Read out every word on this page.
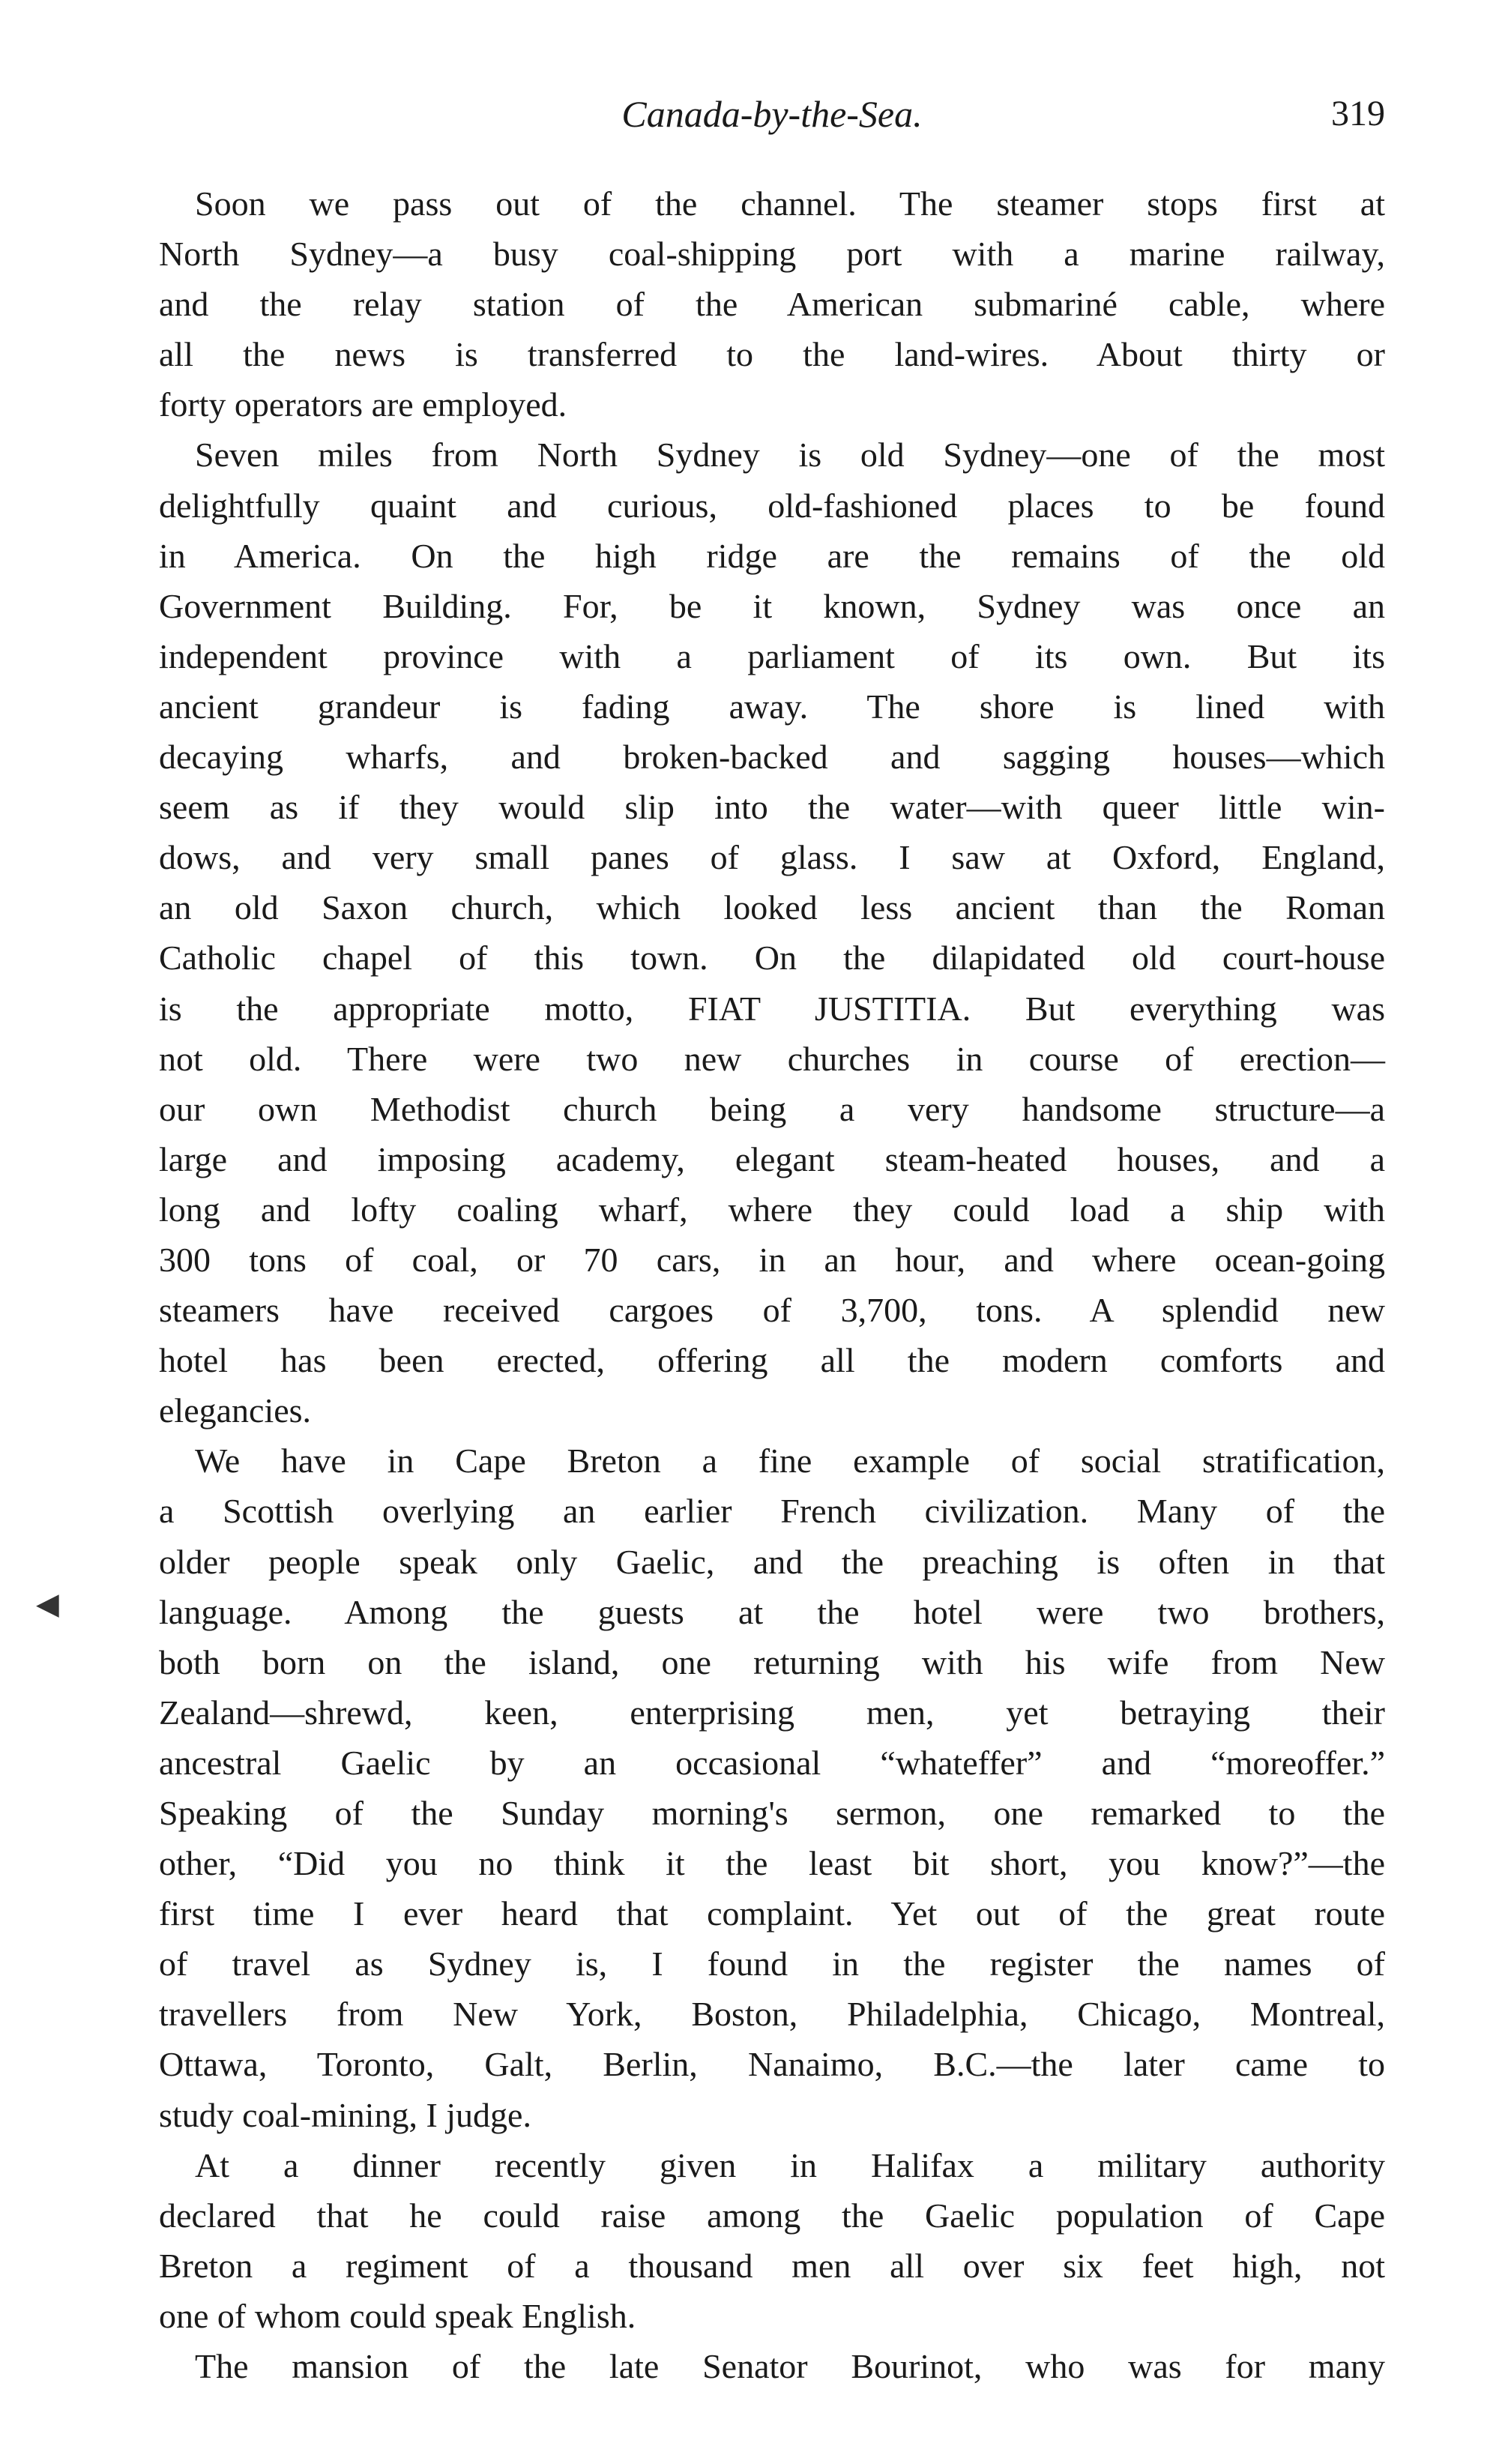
Canada-by-the-Sea.	319
◀
Soon we pass out of the channel. The steamer stops first at
North Sydney—a busy coal-shipping port with a marine railway,
and the relay station of the American submariné cable, where
all the news is transferred to the land-wires. About thirty or
forty operators are employed.
Seven miles from North Sydney is old Sydney—one of the most
delightfully quaint and curious, old-fashioned places to be found
in America. On the high ridge are the remains of the old
Government Building. For, be it known, Sydney was once an
independent province with a parliament of its own. But its
ancient grandeur is fading away. The shore is lined with
decaying wharfs, and broken-backed and sagging houses—which
seem as if they would slip into the water—with queer little win-
dows, and very small panes of glass. I saw at Oxford, England,
an old Saxon church, which looked less ancient than the Roman
Catholic chapel of this town. On the dilapidated old court-house
is the appropriate motto, FIAT JUSTITIA. But everything was
not old. There were two new churches in course of erection—
our own Methodist church being a very handsome structure—a
large and imposing academy, elegant steam-heated houses, and a
long and lofty coaling wharf, where they could load a ship with
300 tons of coal, or 70 cars, in an hour, and where ocean-going
steamers have received cargoes of 3,700, tons. A splendid new
hotel has been erected, offering all the modern comforts and
elegancies.
We have in Cape Breton a fine example of social stratification,
a Scottish overlying an earlier French civilization. Many of the
older people speak only Gaelic, and the preaching is often in that
language. Among the guests at the hotel were two brothers,
both born on the island, one returning with his wife from New
Zealand—shrewd, keen, enterprising men, yet betraying their
ancestral Gaelic by an occasional “whateffer” and “moreoffer.”
Speaking of the Sunday morning's sermon, one remarked to the
other, “Did you no think it the least bit short, you know?”—the
first time I ever heard that complaint. Yet out of the great route
of travel as Sydney is, I found in the register the names of
travellers from New York, Boston, Philadelphia, Chicago, Montreal,
Ottawa, Toronto, Galt, Berlin, Nanaimo, B.C.—the later came to
study coal-mining, I judge.
At a dinner recently given in Halifax a military authority
declared that he could raise among the Gaelic population of Cape
Breton a regiment of a thousand men all over six feet high, not
one of whom could speak English.
The mansion of the late Senator Bourinot, who was for many
